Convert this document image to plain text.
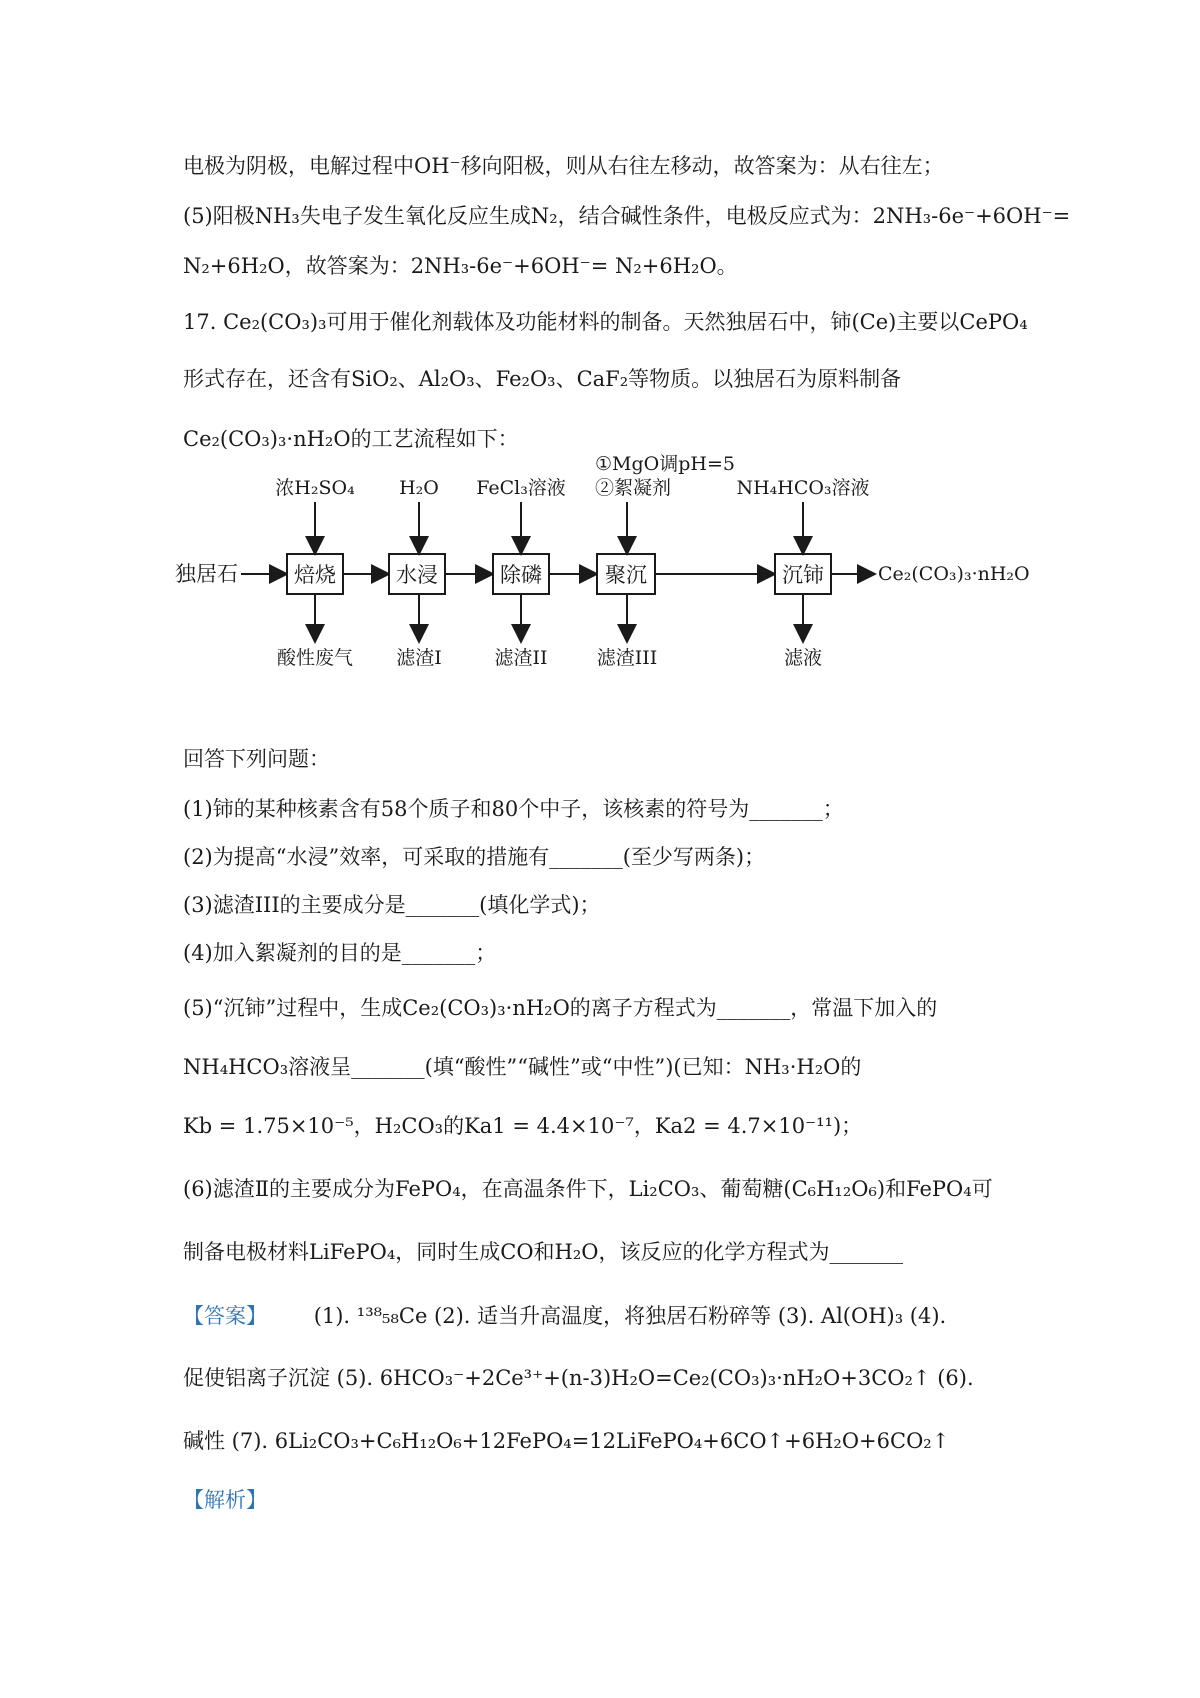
电极为阴极，电解过程中OH⁻移向阳极，则从右往左移动，故答案为：从右往左；
(5)阳极NH₃失电子发生氧化反应生成N₂，结合碱性条件，电极反应式为：2NH₃-6e⁻+6OH⁻=
N₂+6H₂O，故答案为：2NH₃-6e⁻+6OH⁻= N₂+6H₂O。
17. Ce₂(CO₃)₃可用于催化剂载体及功能材料的制备。天然独居石中，铈(Ce)主要以CePO₄
形式存在，还含有SiO₂、Al₂O₃、Fe₂O₃、CaF₂等物质。以独居石为原料制备
Ce₂(CO₃)₃·nH₂O的工艺流程如下：
独居石	焙烧	水浸	除磷	聚沉	沉铈	Ce₂(CO₃)₃·nH₂O
浓H₂SO₄ H₂O FeCl₃溶液
①MgO调pH=5
②絮凝剂	NH₄HCO₃溶液
酸性废气 滤渣I	滤渣II	滤渣III	滤液
回答下列问题：
(1)铈的某种核素含有58个质子和80个中子，该核素的符号为_______；
(2)为提高“水浸”效率，可采取的措施有_______(至少写两条)；
(3)滤渣III的主要成分是_______(填化学式)；
(4)加入絮凝剂的目的是_______；
(5)“沉铈”过程中，生成Ce₂(CO₃)₃·nH₂O的离子方程式为_______，常温下加入的
NH₄HCO₃溶液呈_______(填“酸性”“碱性”或“中性”)(已知：NH₃·H₂O的
Kb = 1.75×10⁻⁵，H₂CO₃的Ka1 = 4.4×10⁻⁷，Ka2 = 4.7×10⁻¹¹)；
(6)滤渣Ⅱ的主要成分为FePO₄，在高温条件下，Li₂CO₃、葡萄糖(C₆H₁₂O₆)和FePO₄可
制备电极材料LiFePO₄，同时生成CO和H₂O，该反应的化学方程式为_______
【答案】 (1). ¹³⁸₅₈Ce (2). 适当升高温度，将独居石粉碎等 (3). Al(OH)₃ (4).
促使铝离子沉淀 (5). 6HCO₃⁻+2Ce³⁺+(n-3)H₂O=Ce₂(CO₃)₃·nH₂O+3CO₂↑ (6).
碱性 (7). 6Li₂CO₃+C₆H₁₂O₆+12FePO₄=12LiFePO₄+6CO↑+6H₂O+6CO₂↑
【解析】
